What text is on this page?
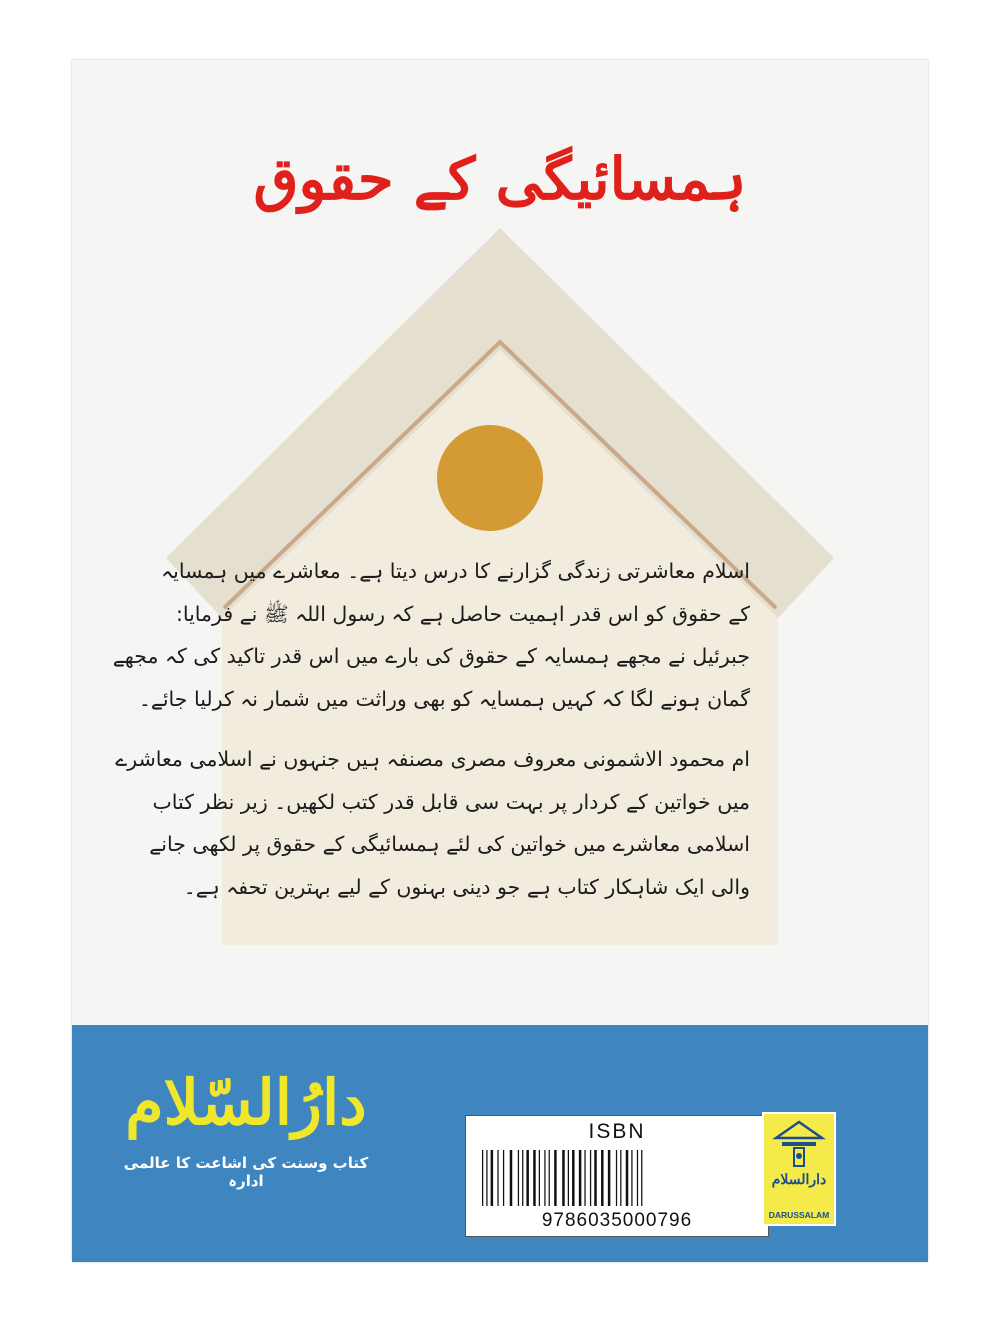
ہمسائیگی کے حقوق
اسلام معاشرتی زندگی گزارنے کا درس دیتا ہے۔ معاشرے میں ہمسایہ
کے حقوق کو اس قدر اہمیت حاصل ہے کہ رسول اللہ ﷺ نے فرمایا:
جبرئیل نے مجھے ہمسایہ کے حقوق کی بارے میں اس قدر تاکید کی کہ مجھے
گمان ہونے لگا کہ کہیں ہمسایہ کو بھی وراثت میں شمار نہ کرلیا جائے۔
ام محمود الاشمونی معروف مصری مصنفہ ہیں جنہوں نے اسلامی معاشرے
میں خواتین کے کردار پر بہت سی قابل قدر کتب لکھیں۔ زیر نظر کتاب
اسلامی معاشرے میں خواتین کی لئے ہمسائیگی کے حقوق پر لکھی جانے
والی ایک شاہکار کتاب ہے جو دینی بہنوں کے لیے بہترین تحفہ ہے۔
دارُالسّلام
کتاب وسنت کی اشاعت کا عالمی ادارہ
ISBN
9786035000796
دارالسلام
DARUSSALAM
